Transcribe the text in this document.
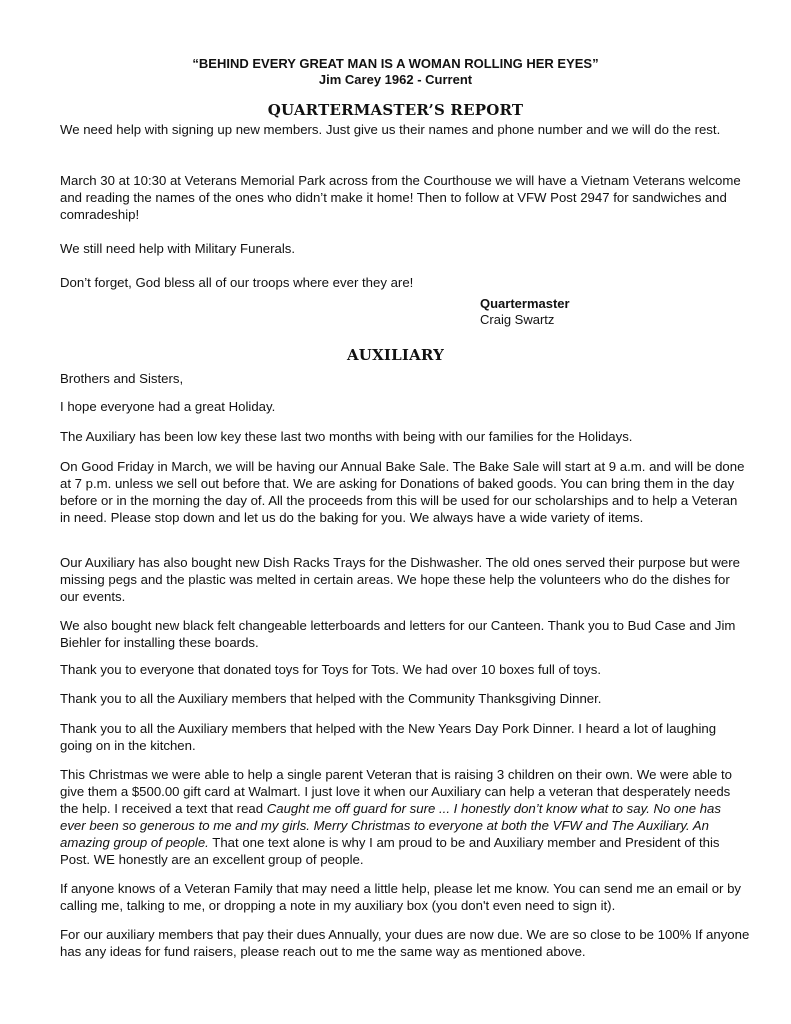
“BEHIND EVERY GREAT MAN IS A WOMAN ROLLING HER EYES”
Jim Carey 1962 - Current
QUARTERMASTER’S REPORT

We need help with signing up new members. Just give us their names and phone number and we will do the rest.

March 30 at 10:30 at Veterans Memorial Park across from the Courthouse we will have a Vietnam Veterans welcome and reading the names of the ones who didn’t make it home! Then to follow at VFW Post 2947 for sandwiches and comradeship!

We still need help with Military Funerals.

Don’t forget, God bless all of our troops where ever they are!

Quartermaster
Craig Swartz
AUXILIARY

Brothers and Sisters,

I hope everyone had a great Holiday.

The Auxiliary has been low key these last two months with being with our families for the Holidays.

On Good Friday in March, we will be having our Annual Bake Sale. The Bake Sale will start at 9 a.m. and will be done at 7 p.m. unless we sell out before that. We are asking for Donations of baked goods. You can bring them in the day before or in the morning the day of. All the proceeds from this will be used for our scholarships and to help a Veteran in need. Please stop down and let us do the baking for you. We always have a wide variety of items.

Our Auxiliary has also bought new Dish Racks Trays for the Dishwasher. The old ones served their purpose but were missing pegs and the plastic was melted in certain areas. We hope these help the volunteers who do the dishes for our events.

We also bought new black felt changeable letterboards and letters for our Canteen. Thank you to Bud Case and Jim Biehler for installing these boards.

Thank you to everyone that donated toys for Toys for Tots. We had over 10 boxes full of toys.

Thank you to all the Auxiliary members that helped with the Community Thanksgiving Dinner.

Thank you to all the Auxiliary members that helped with the New Years Day Pork Dinner. I heard a lot of laughing going on in the kitchen.

This Christmas we were able to help a single parent Veteran that is raising 3 children on their own. We were able to give them a $500.00 gift card at Walmart. I just love it when our Auxiliary can help a veteran that desperately needs the help. I received a text that read Caught me off guard for sure ... I honestly don’t know what to say. No one has ever been so generous to me and my girls. Merry Christmas to everyone at both the VFW and The Auxiliary. An amazing group of people. That one text alone is why I am proud to be and Auxiliary member and President of this Post. WE honestly are an excellent group of people.

If anyone knows of a Veteran Family that may need a little help, please let me know. You can send me an email or by calling me, talking to me, or dropping a note in my auxiliary box (you don't even need to sign it).

For our auxiliary members that pay their dues Annually, your dues are now due. We are so close to be 100% If anyone has any ideas for fund raisers, please reach out to me the same way as mentioned above.
